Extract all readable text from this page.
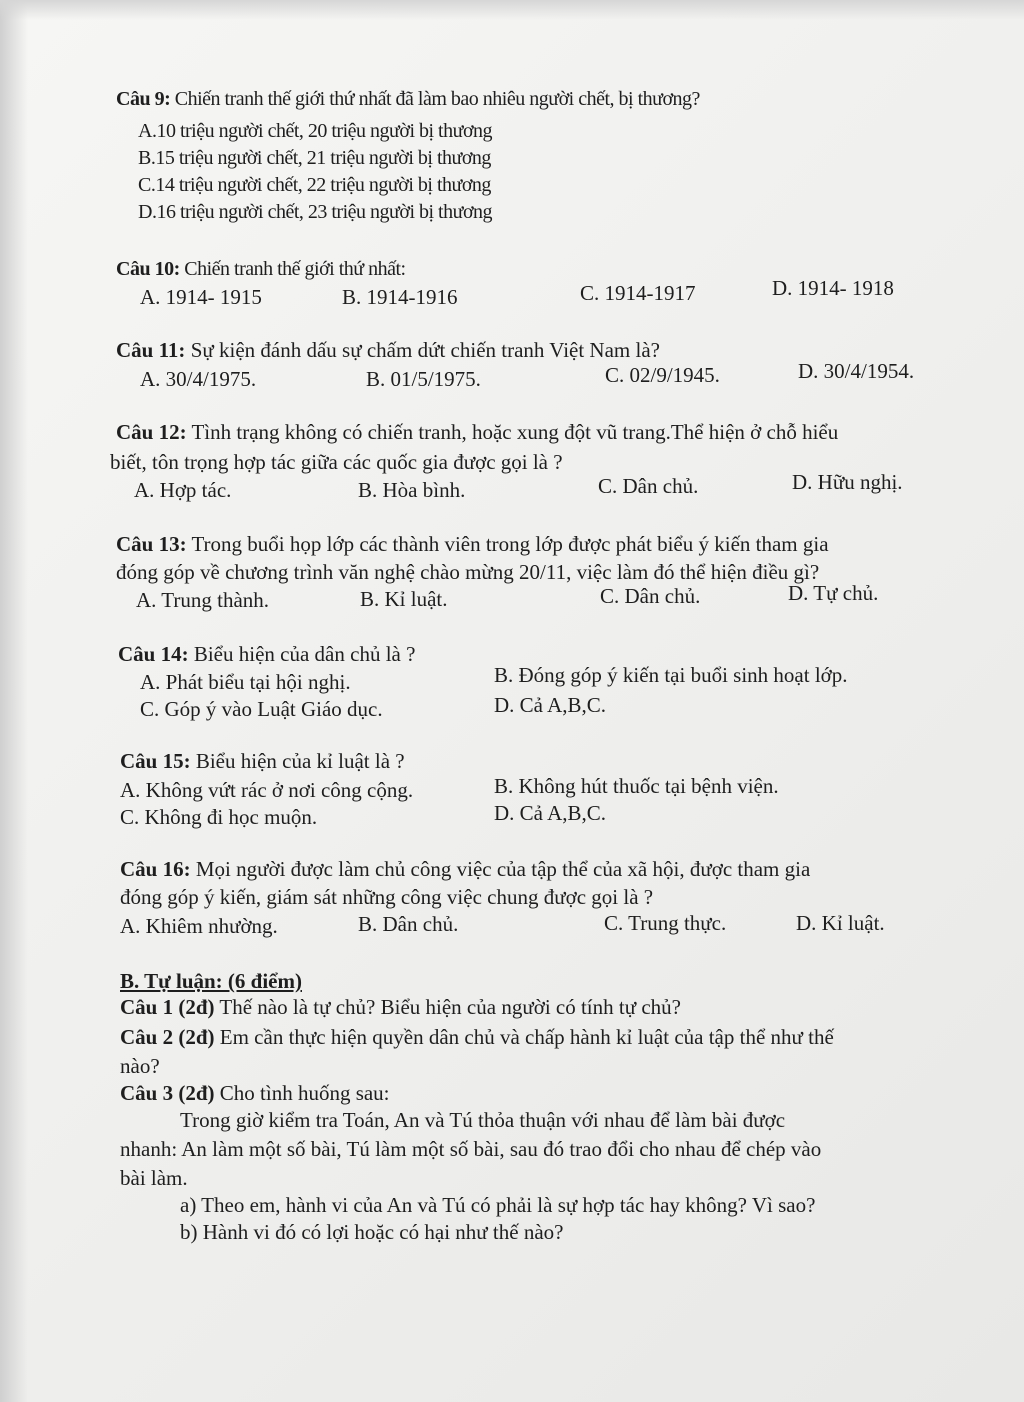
Câu 9: Chiến tranh thế giới thứ nhất đã làm bao nhiêu người chết, bị thương?
A.10 triệu người chết, 20 triệu người bị thương
B.15 triệu người chết, 21 triệu người bị thương
C.14 triệu người chết, 22 triệu người bị thương
D.16 triệu người chết, 23 triệu người bị thương
Câu 10: Chiến tranh thế giới thứ nhất:
A. 1914- 1915	B. 1914-1916	C. 1914-1917	D. 1914- 1918
Câu 11: Sự kiện đánh dấu sự chấm dứt chiến tranh Việt Nam là?
A. 30/4/1975.	B. 01/5/1975.	C. 02/9/1945.	D. 30/4/1954.
Câu 12: Tình trạng không có chiến tranh, hoặc xung đột vũ trang.Thể hiện ở chỗ hiểu
biết, tôn trọng hợp tác giữa các quốc gia được gọi là ?
A. Hợp tác.	B. Hòa bình.	C. Dân chủ.	D. Hữu nghị.
Câu 13: Trong buổi họp lớp các thành viên trong lớp được phát biểu ý kiến tham gia
đóng góp về chương trình văn nghệ chào mừng 20/11, việc làm đó thể hiện điều gì?
A. Trung thành.	B. Kỉ luật.	C. Dân chủ.	D. Tự chủ.
Câu 14: Biểu hiện của dân chủ là ?
A. Phát biểu tại hội nghị.	B. Đóng góp ý kiến tại buổi sinh hoạt lớp.
C. Góp ý vào Luật Giáo dục.	D. Cả A,B,C.
Câu 15: Biểu hiện của kỉ luật là ?
A. Không vứt rác ở nơi công cộng.	B. Không hút thuốc tại bệnh viện.
C. Không đi học muộn.	D. Cả A,B,C.
Câu 16: Mọi người được làm chủ công việc của tập thể của xã hội, được tham gia
đóng góp ý kiến, giám sát những công việc chung được gọi là ?
A. Khiêm nhường.	B. Dân chủ.	C. Trung thực.	D. Kỉ luật.
B. Tự luận: (6 điểm)
Câu 1 (2đ) Thế nào là tự chủ? Biểu hiện của người có tính tự chủ?
Câu 2 (2đ) Em cần thực hiện quyền dân chủ và chấp hành kỉ luật của tập thể như thế
nào?
Câu 3 (2đ) Cho tình huống sau:
Trong giờ kiểm tra Toán, An và Tú thỏa thuận với nhau để làm bài được
nhanh: An làm một số bài, Tú làm một số bài, sau đó trao đổi cho nhau để chép vào
bài làm.
a) Theo em, hành vi của An và Tú có phải là sự hợp tác hay không? Vì sao?
b) Hành vi đó có lợi hoặc có hại như thế nào?
